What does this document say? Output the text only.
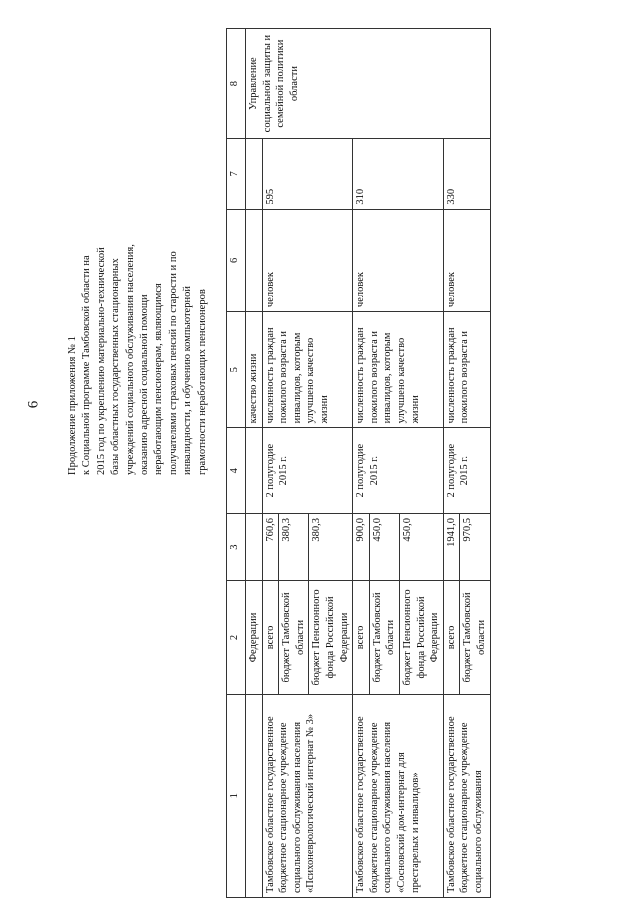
6 Продолжение приложения № 1 к Социальной программе Тамбовской области на 2015 год по укреплению материально-технической базы областных государственных стационарных учреждений социального обслуживания населения, оказанию адресной социальной помощи неработающим пенсионерам, являющимся получателями страховых пенсий по старости и по инвалидности, и обучению компьютерной грамотности неработающих пенсионеров
1	2	3	4	5	6	7	8
	Федерации			качество жизни			Управление социальной защиты и семейной политики области
Тамбовское областное государственное бюджетное стационарное учреждение социального обслуживания населения «Психоневрологический интернат № 3»	всего	760,6	2 полугодие 2015 г.	численность граждан пожилого возраста и инвалидов, которым улучшено качество жизни	человек	595	
	бюджет Тамбовской области	380,3					
	бюджет Пенсионного фонда Российской Федерации	380,3					
Тамбовское областное государственное бюджетное стационарное учреждение социального обслуживания населения «Сосновский дом-интернат для престарелых и инвалидов»	всего	900,0	2 полугодие 2015 г.	численность граждан пожилого возраста и инвалидов, которым улучшено качество жизни	человек	310	
	бюджет Тамбовской области	450,0					
	бюджет Пенсионного фонда Российской Федерации	450,0					
Тамбовское областное государственное бюджетное стационарное учреждение социального обслуживания	всего	1941,0	2 полугодие 2015 г.	численность граждан пожилого возраста и	человек	330	
	бюджет Тамбовской области	970,5					
